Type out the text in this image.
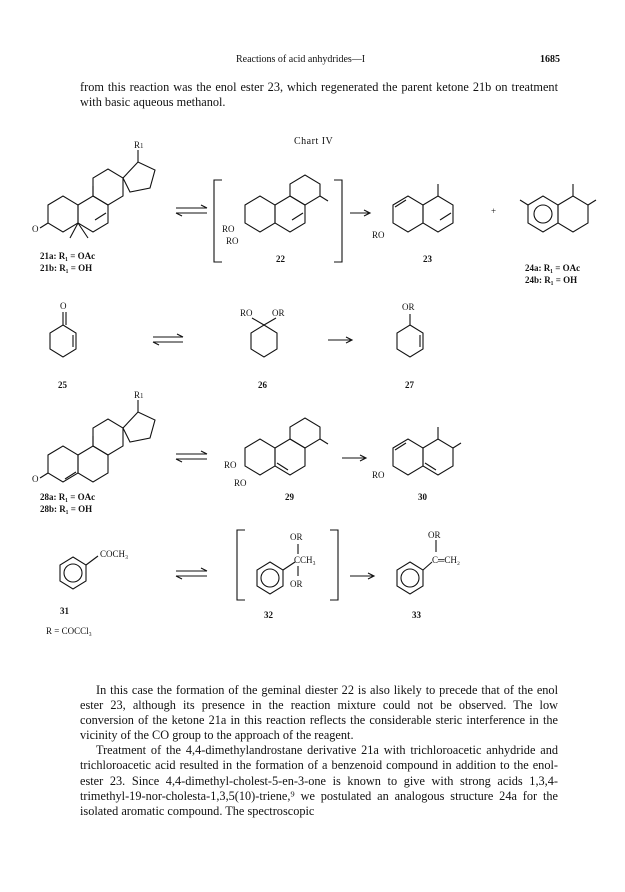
Reactions of acid anhydrides—I	1685

from this reaction was the enol ester 23, which regenerated the parent ketone 21b on treatment with basic aqueous methanol.

Chart IV
O
R1
21a: R₁ = OAc
21b: R₁ = OH
RO
RO
22
RO
23
+
24a: R₁ = OAc
24b: R₁ = OH
O
25
RO OR
26
OR
27
O
R1
28a: R₁ = OAc
28b: R₁ = OH
RO
RO
29
RO
30
COCH₃
31
R = COCCl₃
OR
CCH₃
OR
32
OR
C═CH₂
33

In this case the formation of the geminal diester 22 is also likely to precede that of the enol ester 23, although its presence in the reaction mixture could not be observed. The low conversion of the ketone 21a in this reaction reflects the considerable steric interference in the vicinity of the CO group to the approach of the reagent.

Treatment of the 4,4-dimethylandrostane derivative 21a with trichloroacetic anhydride and trichloroacetic acid resulted in the formation of a benzenoid compound in addition to the enol-ester 23. Since 4,4-dimethyl-cholest-5-en-3-one is known to give with strong acids 1,3,4-trimethyl-19-nor-cholesta-1,3,5(10)-triene,⁹ we postulated an analogous structure 24a for the isolated aromatic compound. The spectroscopic
